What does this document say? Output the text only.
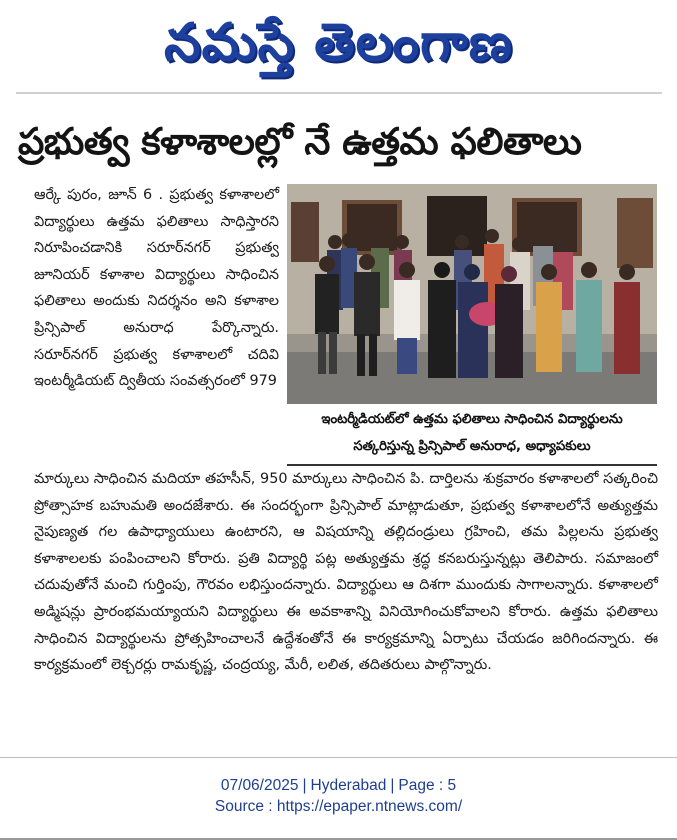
నమస్తే తెలంగాణ
ప్రభుత్వ కళాశాలల్లో నే ఉత్తమ ఫలితాలు

ఆర్కే పురం, జూన్ 6 . ప్రభుత్వ కళాశాలలో విద్యార్థులు ఉత్తమ ఫలితాలు సాధిస్తారని నిరూపించడానికి సరూర్‌నగర్ ప్రభుత్వ జూనియర్ కళాశాల విద్యార్థులు సాధించిన ఫలితాలు అందుకు నిదర్శనం అని కళాశాల ప్రిన్సిపాల్ అనురాధ పేర్కొన్నారు. సరూర్‌నగర్ ప్రభుత్వ కళాశాలలో చదివి ఇంటర్మీడియట్ ద్వితీయ సంవత్సరంలో 979

ఇంటర్మీడియట్‌లో ఉత్తమ ఫలితాలు సాధించిన విద్యార్థులను
సత్కరిస్తున్న ప్రిన్సిపాల్ అనురాధ, అధ్యాపకులు

మార్కులు సాధించిన మదియా తహసీన్, 950 మార్కులు సాధించిన పి. దార్తిలను శుక్రవారం కళాశాలలో సత్కరించి ప్రోత్సాహక బహుమతి అందజేశారు. ఈ సందర్భంగా ప్రిన్సిపాల్ మాట్లాడుతూ, ప్రభుత్వ కళాశాలలోనే అత్యుత్తమ నైపుణ్యత గల ఉపాధ్యాయులు ఉంటారని, ఆ విషయాన్ని తల్లిదండ్రులు గ్రహించి, తమ పిల్లలను ప్రభుత్వ కళాశాలలకు పంపించాలని కోరారు. ప్రతి విద్యార్థి పట్ల అత్యుత్తమ శ్రద్ధ కనబరుస్తున్నట్లు తెలిపారు. సమాజంలో చదువుతోనే మంచి గుర్తింపు, గౌరవం లభిస్తుందన్నారు. విద్యార్థులు ఆ దిశగా ముందుకు సాగాలన్నారు. కళాశాలలో అడ్మిషన్లు ప్రారంభమయ్యాయని విద్యార్థులు ఈ అవకాశాన్ని వినియోగించుకోవాలని కోరారు. ఉత్తమ ఫలితాలు సాధించిన విద్యార్థులను ప్రోత్సహించాలనే ఉద్దేశంతోనే ఈ కార్యక్రమాన్ని ఏర్పాటు చేయడం జరిగిందన్నారు. ఈ కార్యక్రమంలో లెక్చరర్లు రామకృష్ణ, చంద్రయ్య, మేరీ, లలిత, తదితరులు పాల్గొన్నారు.

07/06/2025 | Hyderabad | Page : 5
Source : https://epaper.ntnews.com/
